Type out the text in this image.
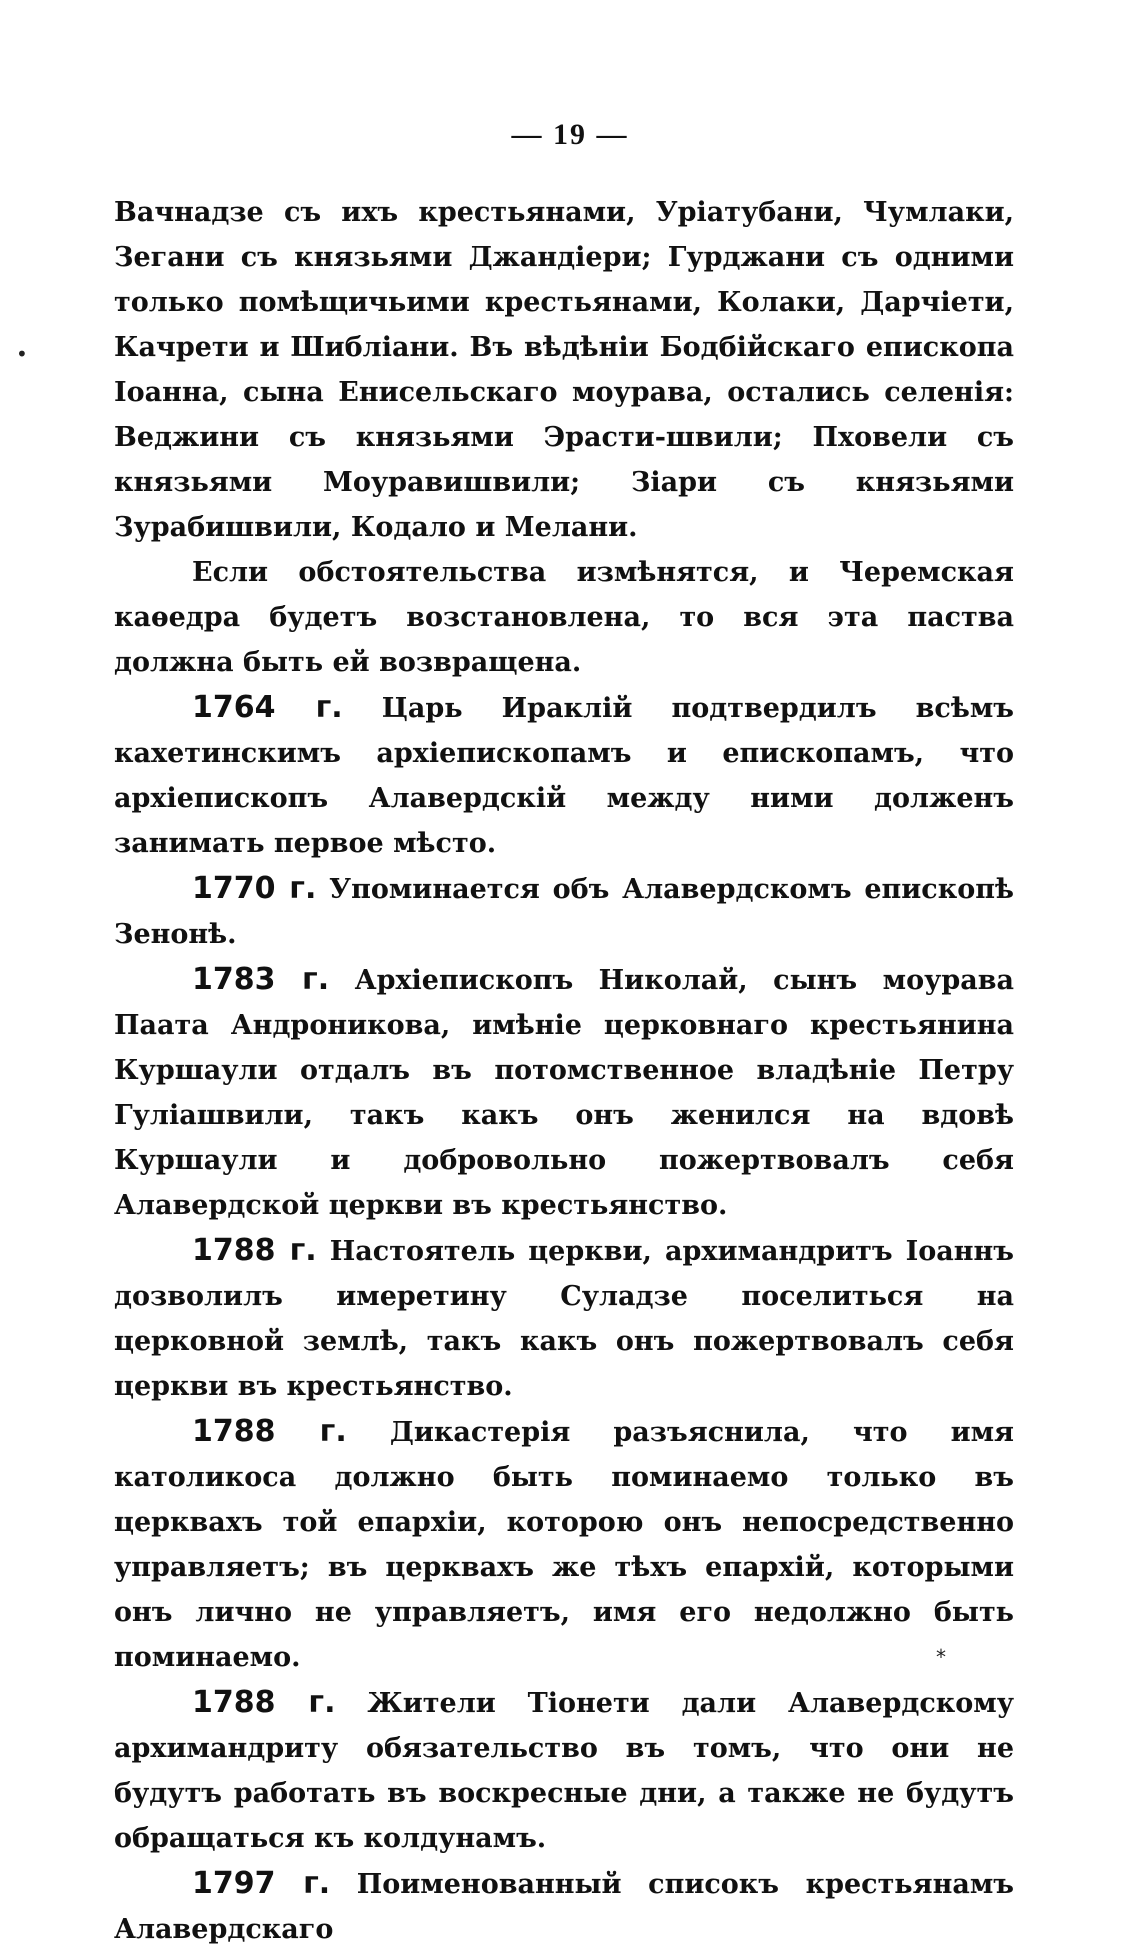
— 19 —
•

Вачнадзе съ ихъ крестьянами, Уріатубани, Чумлаки, Зегани съ князьями Джандіери; Гурджани съ одними только помѣщичьими крестьянами, Колаки, Дарчіети, Качрети и Шибліани. Въ вѣдѣніи Бодбійскаго епископа Іоанна, сына Енисельскаго моурава, остались селенія: Веджини съ князьями Эрасти-швили; Пховели съ князьями Моуравишвили; Зіари съ князьями Зурабишвили, Кодало и Мелани.

Если обстоятельства измѣнятся, и Черемская каѳедра будетъ возстановлена, то вся эта паства должна быть ей возвращена.

1764 г. Царь Ираклій подтвердилъ всѣмъ кахетинскимъ архіепископамъ и епископамъ, что архіепископъ Алавердскій между ними долженъ занимать первое мѣсто.

1770 г. Упоминается объ Алавердскомъ епископѣ Зенонѣ.

1783 г. Архіепископъ Николай, сынъ моурава Паата Андроникова, имѣніе церковнаго крестьянина Куршаули отдалъ въ потомственное владѣніе Петру Гуліашвили, такъ какъ онъ женился на вдовѣ Куршаули и добровольно пожертвовалъ себя Алавердской церкви въ крестьянство.

1788 г. Настоятель церкви, архимандритъ Іоаннъ дозволилъ имеретину Суладзе поселиться на церковной землѣ, такъ какъ онъ пожертвовалъ себя церкви въ крестьянство.

1788 г. Дикастерія разъяснила, что имя католикоса должно быть поминаемо только въ церквахъ той епархіи, которою онъ непосредственно управляетъ; въ церквахъ же тѣхъ епархій, которыми онъ лично не управляетъ, имя его недолжно быть поминаемо.

1788 г. Жители Тіонети дали Алавердскому архимандриту обязательство въ томъ, что они не будутъ работать въ воскресные дни, а также не будутъ обращаться къ колдунамъ.

1797 г. Поименованный списокъ крестьянамъ Алавердскаго

*
